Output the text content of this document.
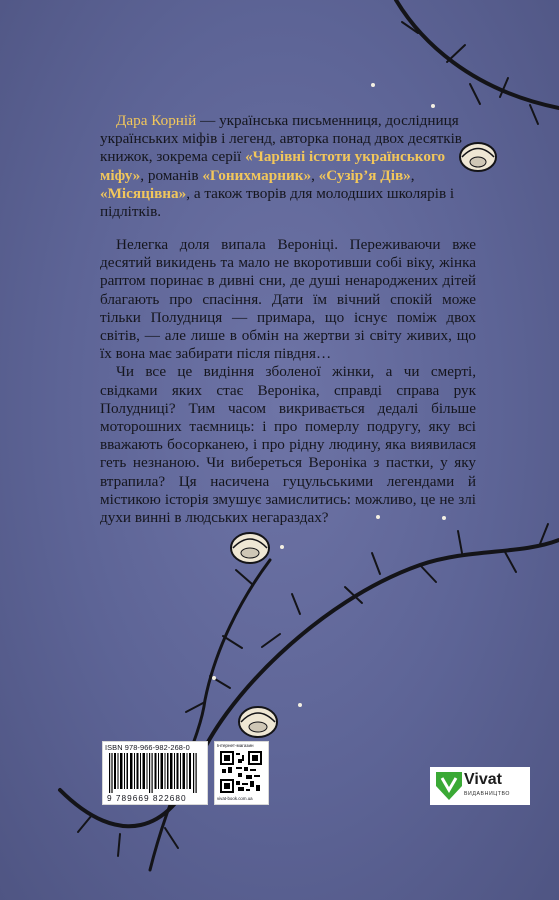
Дара Корній — українська письменниця, дослідниця українських міфів і легенд, авторка понад двох десятків книжок, зокрема серії «Чарівні істоти українського міфу», романів «Гонихмарник», «Сузір’я Дів», «Місяцівна», а також творів для молодших школярів і підлітків.

Нелегка доля випала Вероніці. Переживаючи вже десятий викидень та мало не вкоротивши собі віку, жінка раптом поринає в дивні сни, де душі ненароджених дітей благають про спасіння. Дати їм вічний спокій може тільки Полудниця — примара, що існує поміж двох світів, — але лише в обмін на жертви зі світу живих, що їх вона має забирати після півдня…

Чи все це видіння зболеної жінки, а чи смерті, свідками яких стає Вероніка, справді справа рук Полудниці? Тим часом викривається дедалі більше моторошних таємниць: і про померлу подругу, яку всі вважають босорканею, і про рідну людину, яка виявилася геть незнаною. Чи вибереться Вероніка з пастки, у яку втрапила? Ця насичена гуцульськими легендами й містикою історія змушує замислитись: можливо, це не злі духи винні в людських негараздах?

ISBN 978-966-982-268-0
9 789669 822680
Інтернет-магазин
vivat-book.com.ua
Vivat
ВИДАВНИЦТВО
